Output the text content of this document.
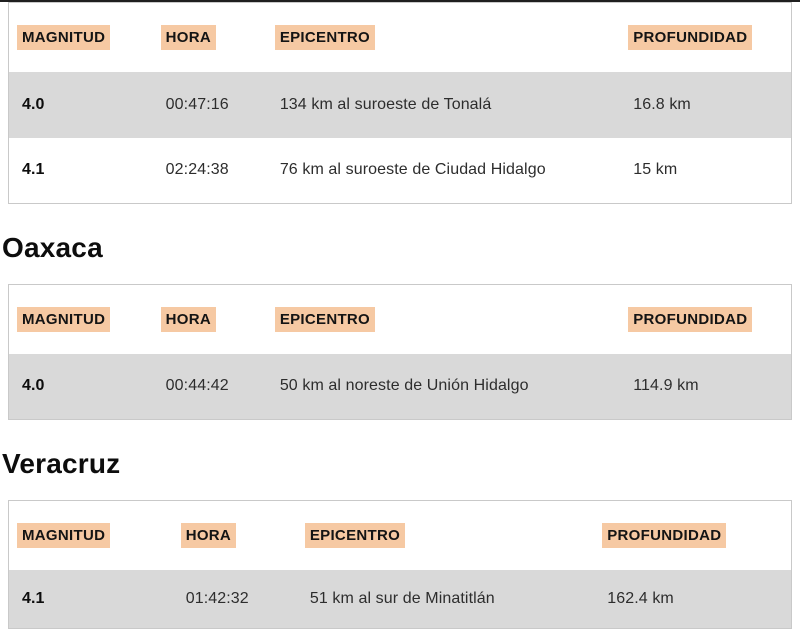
MAGNITUD	HORA	EPICENTRO	PROFUNDIDAD
4.0	00:47:16	134 km al suroeste de Tonalá	16.8 km
4.1	02:24:38	76 km al suroeste de Ciudad Hidalgo	15 km
Oaxaca
MAGNITUD	HORA	EPICENTRO	PROFUNDIDAD
4.0	00:44:42	50 km al noreste de Unión Hidalgo	114.9 km
Veracruz
MAGNITUD	HORA	EPICENTRO	PROFUNDIDAD
4.1	01:42:32	51 km al sur de Minatitlán	162.4 km
